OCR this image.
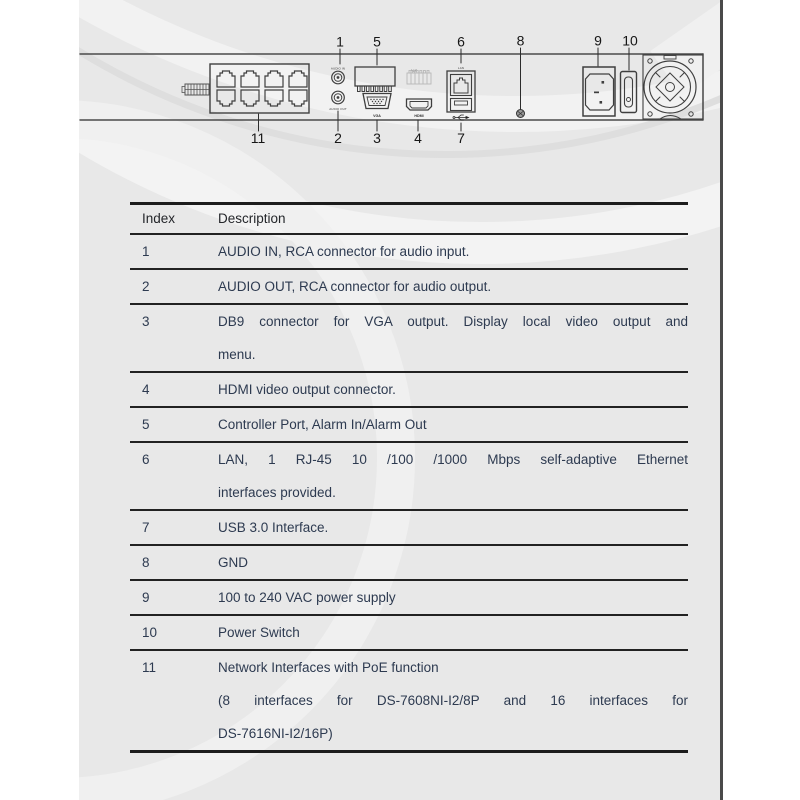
AUDIO IN
AUDIO OUT
ALM
VGA	HDMI
LAN
1 5	6	8	9 10
11	2 3 4	7
Index	Description
1	AUDIO IN, RCA connector for audio input.
2	AUDIO OUT, RCA connector for audio output.
3	DB9 connector for VGA output. Display local video output and
menu.
4	HDMI video output connector.
5	Controller Port, Alarm In/Alarm Out
6	LAN, 1 RJ-45 10 /100 /1000 Mbps self-adaptive Ethernet
interfaces provided.
7	USB 3.0 Interface.
8	GND
9	100 to 240 VAC power supply
10	Power Switch
11	Network Interfaces with PoE function
(8 interfaces for DS-7608NI-I2/8P and 16 interfaces for
DS-7616NI-I2/16P)
